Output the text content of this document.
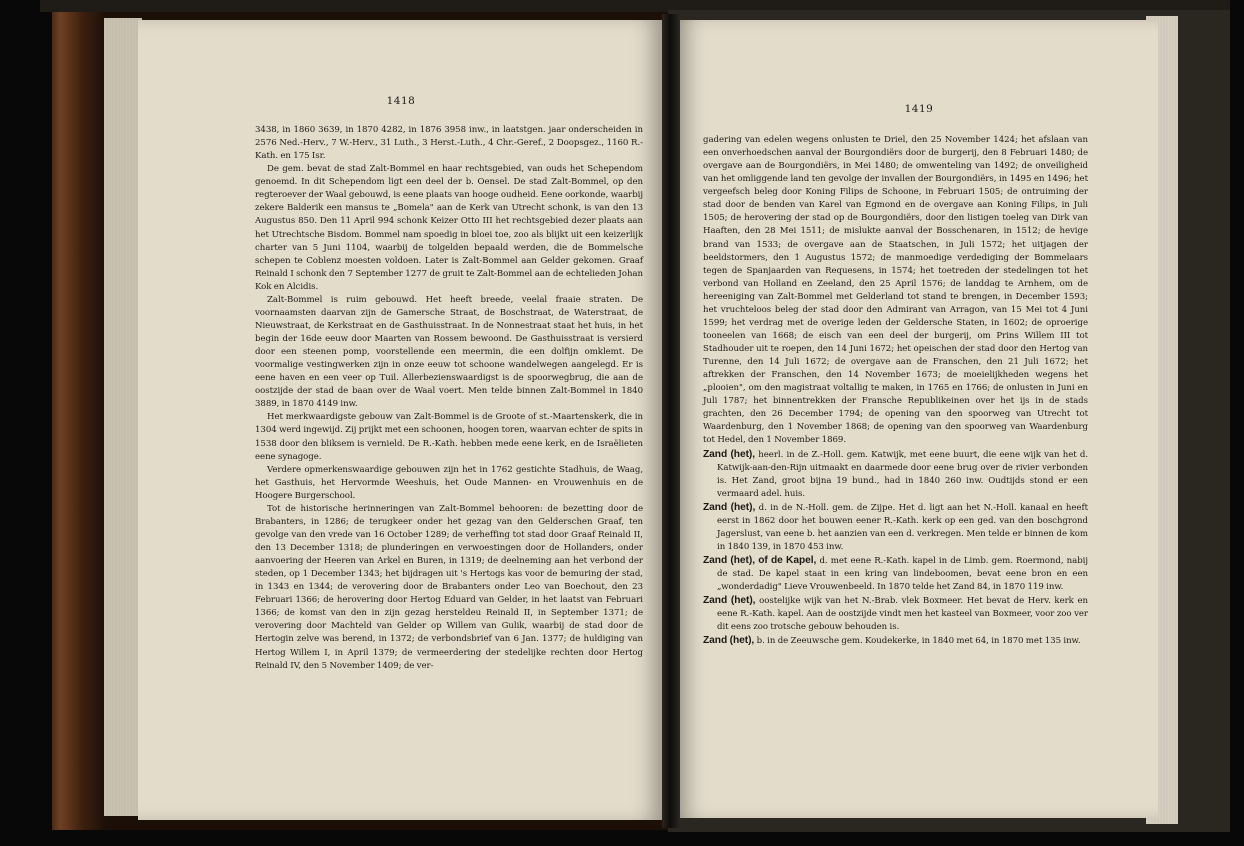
1418

3438, in 1860 3639, in 1870 4282, in 1876 3958 inw., in laatstgen. jaar onderscheiden in 2576 Ned.-Herv., 7 W.-Herv., 31 Luth., 3 Herst.-Luth., 4 Chr.-Geref., 2 Doopsgez., 1160 R.-Kath. en 175 Isr.

De gem. bevat de stad Zalt-Bommel en haar rechtsgebied, van ouds het Schependom genoemd. In dit Schependom ligt een deel der b. Oensel. De stad Zalt-Bommel, op den regteroever der Waal gebouwd, is eene plaats van hooge oudheid. Eene oorkonde, waarbij zekere Balderik een mansus te „Bomela" aan de Kerk van Utrecht schonk, is van den 13 Augustus 850. Den 11 April 994 schonk Keizer Otto III het rechtsgebied dezer plaats aan het Utrechtsche Bisdom. Bommel nam spoedig in bloei toe, zoo als blijkt uit een keizerlijk charter van 5 Juni 1104, waarbij de tolgelden bepaald werden, die de Bommelsche schepen te Coblenz moesten voldoen. Later is Zalt-Bommel aan Gelder gekomen. Graaf Reinald I schonk den 7 September 1277 de gruit te Zalt-Bommel aan de echtelieden Johan Kok en Alcidis.

Zalt-Bommel is ruim gebouwd. Het heeft breede, veelal fraaie straten. De voornaamsten daarvan zijn de Gamersche Straat, de Boschstraat, de Waterstraat, de Nieuwstraat, de Kerkstraat en de Gasthuisstraat. In de Nonnestraat staat het huis, in het begin der 16de eeuw door Maarten van Rossem bewoond. De Gasthuisstraat is versierd door een steenen pomp, voorstellende een meermin, die een dolfijn omklemt. De voormalige vestingwerken zijn in onze eeuw tot schoone wandelwegen aangelegd. Er is eene haven en een veer op Tuil. Allerbezienswaardigst is de spoorwegbrug, die aan de oostzijde der stad de baan over de Waal voert. Men telde binnen Zalt-Bommel in 1840 3889, in 1870 4149 inw.

Het merkwaardigste gebouw van Zalt-Bommel is de Groote of st.-Maartenskerk, die in 1304 werd ingewijd. Zij prijkt met een schoonen, hoogen toren, waarvan echter de spits in 1538 door den bliksem is vernield. De R.-Kath. hebben mede eene kerk, en de Israëlieten eene synagoge.

Verdere opmerkenswaardige gebouwen zijn het in 1762 gestichte Stadhuis, de Waag, het Gasthuis, het Hervormde Weeshuis, het Oude Mannen- en Vrouwenhuis en de Hoogere Burgerschool.

Tot de historische herinneringen van Zalt-Bommel behooren: de bezetting door de Brabanters, in 1286; de terugkeer onder het gezag van den Gelderschen Graaf, ten gevolge van den vrede van 16 October 1289; de verheffing tot stad door Graaf Reinald II, den 13 December 1318; de plunderingen en verwoestingen door de Hollanders, onder aanvoering der Heeren van Arkel en Buren, in 1319; de deelneming aan het verbond der steden, op 1 December 1343; het bijdragen uit 's Hertogs kas voor de bemuring der stad, in 1343 en 1344; de verovering door de Brabanters onder Leo van Boechout, den 23 Februari 1366; de herovering door Hertog Eduard van Gelder, in het laatst van Februari 1366; de komst van den in zijn gezag hersteldeu Reinald II, in September 1371; de verovering door Machteld van Gelder op Willem van Gulik, waarbij de stad door de Hertogin zelve was berend, in 1372; de verbondsbrief van 6 Jan. 1377; de huldiging van Hertog Willem I, in April 1379; de vermeerdering der stedelijke rechten door Hertog Reinald IV, den 5 November 1409; de ver-

1419

gadering van edelen wegens onlusten te Driel, den 25 November 1424; het afslaan van een onverhoedschen aanval der Bourgondiërs door de burgerij, den 8 Februari 1480; de overgave aan de Bourgondiërs, in Mei 1480; de omwenteling van 1492; de onveiligheid van het omliggende land ten gevolge der invallen der Bourgondiërs, in 1495 en 1496; het vergeefsch beleg door Koning Filips de Schoone, in Februari 1505; de ontruiming der stad door de benden van Karel van Egmond en de overgave aan Koning Filips, in Juli 1505; de herovering der stad op de Bourgondiërs, door den listigen toeleg van Dirk van Haaften, den 28 Mei 1511; de mislukte aanval der Bosschenaren, in 1512; de hevige brand van 1533; de overgave aan de Staatschen, in Juli 1572; het uitjagen der beeldstormers, den 1 Augustus 1572; de manmoedige verdediging der Bommelaars tegen de Spanjaarden van Requesens, in 1574; het toetreden der stedelingen tot het verbond van Holland en Zeeland, den 25 April 1576; de landdag te Arnhem, om de hereeniging van Zalt-Bommel met Gelderland tot stand te brengen, in December 1593; het vruchteloos beleg der stad door den Admirant van Arragon, van 15 Mei tot 4 Juni 1599; het verdrag met de overige leden der Geldersche Staten, in 1602; de oproerige tooneelen van 1668; de eisch van een deel der burgerij, om Prins Willem III tot Stadhouder uit te roepen, den 14 Juni 1672; het opeischen der stad door den Hertog van Turenne, den 14 Juli 1672; de overgave aan de Franschen, den 21 Juli 1672; het aftrekken der Franschen, den 14 November 1673; de moeielijkheden wegens het „plooien", om den magistraat voltallig te maken, in 1765 en 1766; de onlusten in Juni en Juli 1787; het binnentrekken der Fransche Republikeinen over het ijs in de stads grachten, den 26 December 1794; de opening van den spoorweg van Utrecht tot Waardenburg, den 1 November 1868; de opening van den spoorweg van Waardenburg tot Hedel, den 1 November 1869.

Zand (het), heerl. in de Z.-Holl. gem. Katwijk, met eene buurt, die eene wijk van het d. Katwijk-aan-den-Rijn uitmaakt en daarmede door eene brug over de rivier verbonden is. Het Zand, groot bijna 19 bund., had in 1840 260 inw. Oudtijds stond er een vermaard adel. huis.

Zand (het), d. in de N.-Holl. gem. de Zijpe. Het d. ligt aan het N.-Holl. kanaal en heeft eerst in 1862 door het bouwen eener R.-Kath. kerk op een ged. van den boschgrond Jagerslust, van eene b. het aanzien van een d. verkregen. Men telde er binnen de kom in 1840 139, in 1870 453 inw.

Zand (het), of de Kapel, d. met eene R.-Kath. kapel in de Limb. gem. Roermond, nabij de stad. De kapel staat in een kring van lindeboomen, bevat eene bron en een „wonderdadig" Lieve Vrouwenbeeld. In 1870 telde het Zand 84, in 1870 119 inw.

Zand (het), oostelijke wijk van het N.-Brab. vlek Boxmeer. Het bevat de Herv. kerk en eene R.-Kath. kapel. Aan de oostzijde vindt men het kasteel van Boxmeer, voor zoo ver dit eens zoo trotsche gebouw behouden is.

Zand (het), b. in de Zeeuwsche gem. Koudekerke, in 1840 met 64, in 1870 met 135 inw.
